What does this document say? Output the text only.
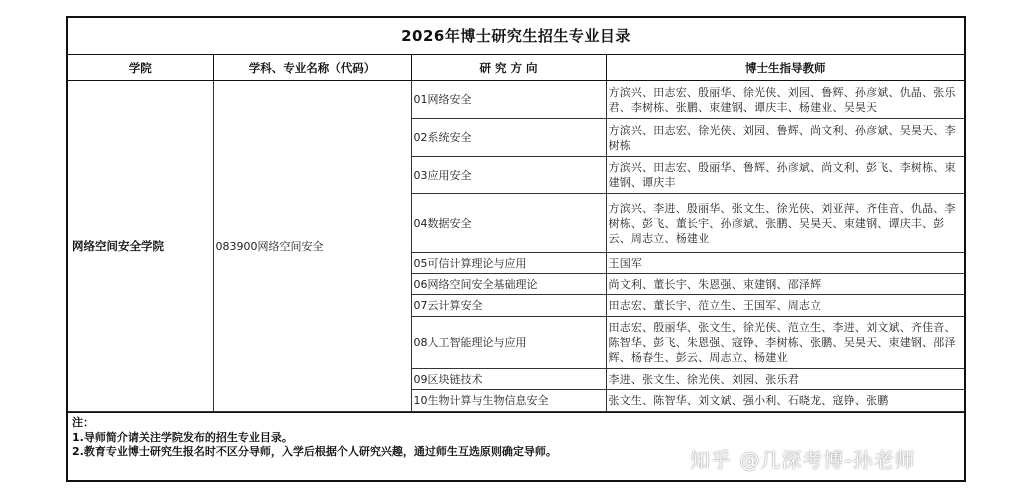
2026年博士研究生招生专业目录
学院	学科、专业名称（代码）	研 究 方 向	博士生指导教师
网络空间安全学院	083900网络空间安全	01网络安全	方滨兴、田志宏、殷丽华、徐光侠、刘园、鲁辉、孙彦斌、仇晶、张乐君、李树栋、张鹏、束建钢、谭庆丰、杨建业、吴昊天
		02系统安全	方滨兴、田志宏、徐光侠、刘园、鲁辉、尚文利、孙彦斌、吴昊天、李树栋
		03应用安全	方滨兴、田志宏、殷丽华、鲁辉、孙彦斌、尚文利、彭飞、李树栋、束建钢、谭庆丰
		04数据安全	方滨兴、李进、殷丽华、张文生、徐光侠、刘亚萍、齐佳音、仇晶、李树栋、彭飞、董长宇、孙彦斌、张鹏、吴昊天、束建钢、谭庆丰、彭云、周志立、杨建业
		05可信计算理论与应用	王国军
		06网络空间安全基础理论	尚文利、董长宇、朱恩强、束建钢、邵泽辉
		07云计算安全	田志宏、董长宇、范立生、王国军、周志立
		08人工智能理论与应用	田志宏、殷丽华、张文生、徐光侠、范立生、李进、刘文斌、齐佳音、陈智华、彭飞、朱恩强、寇铮、李树栋、张鹏、吴昊天、束建钢、邵泽辉、杨春生、彭云、周志立、杨建业
		09区块链技术	李进、张文生、徐光侠、刘园、张乐君
		10生物计算与生物信息安全	张文生、陈智华、刘文斌、强小利、石晓龙、寇铮、张鹏
注：
1.导师简介请关注学院发布的招生专业目录。
2.教育专业博士研究生报名时不区分导师，入学后根据个人研究兴趣，通过师生互选原则确定导师。	知乎 @几深考博-孙老师
